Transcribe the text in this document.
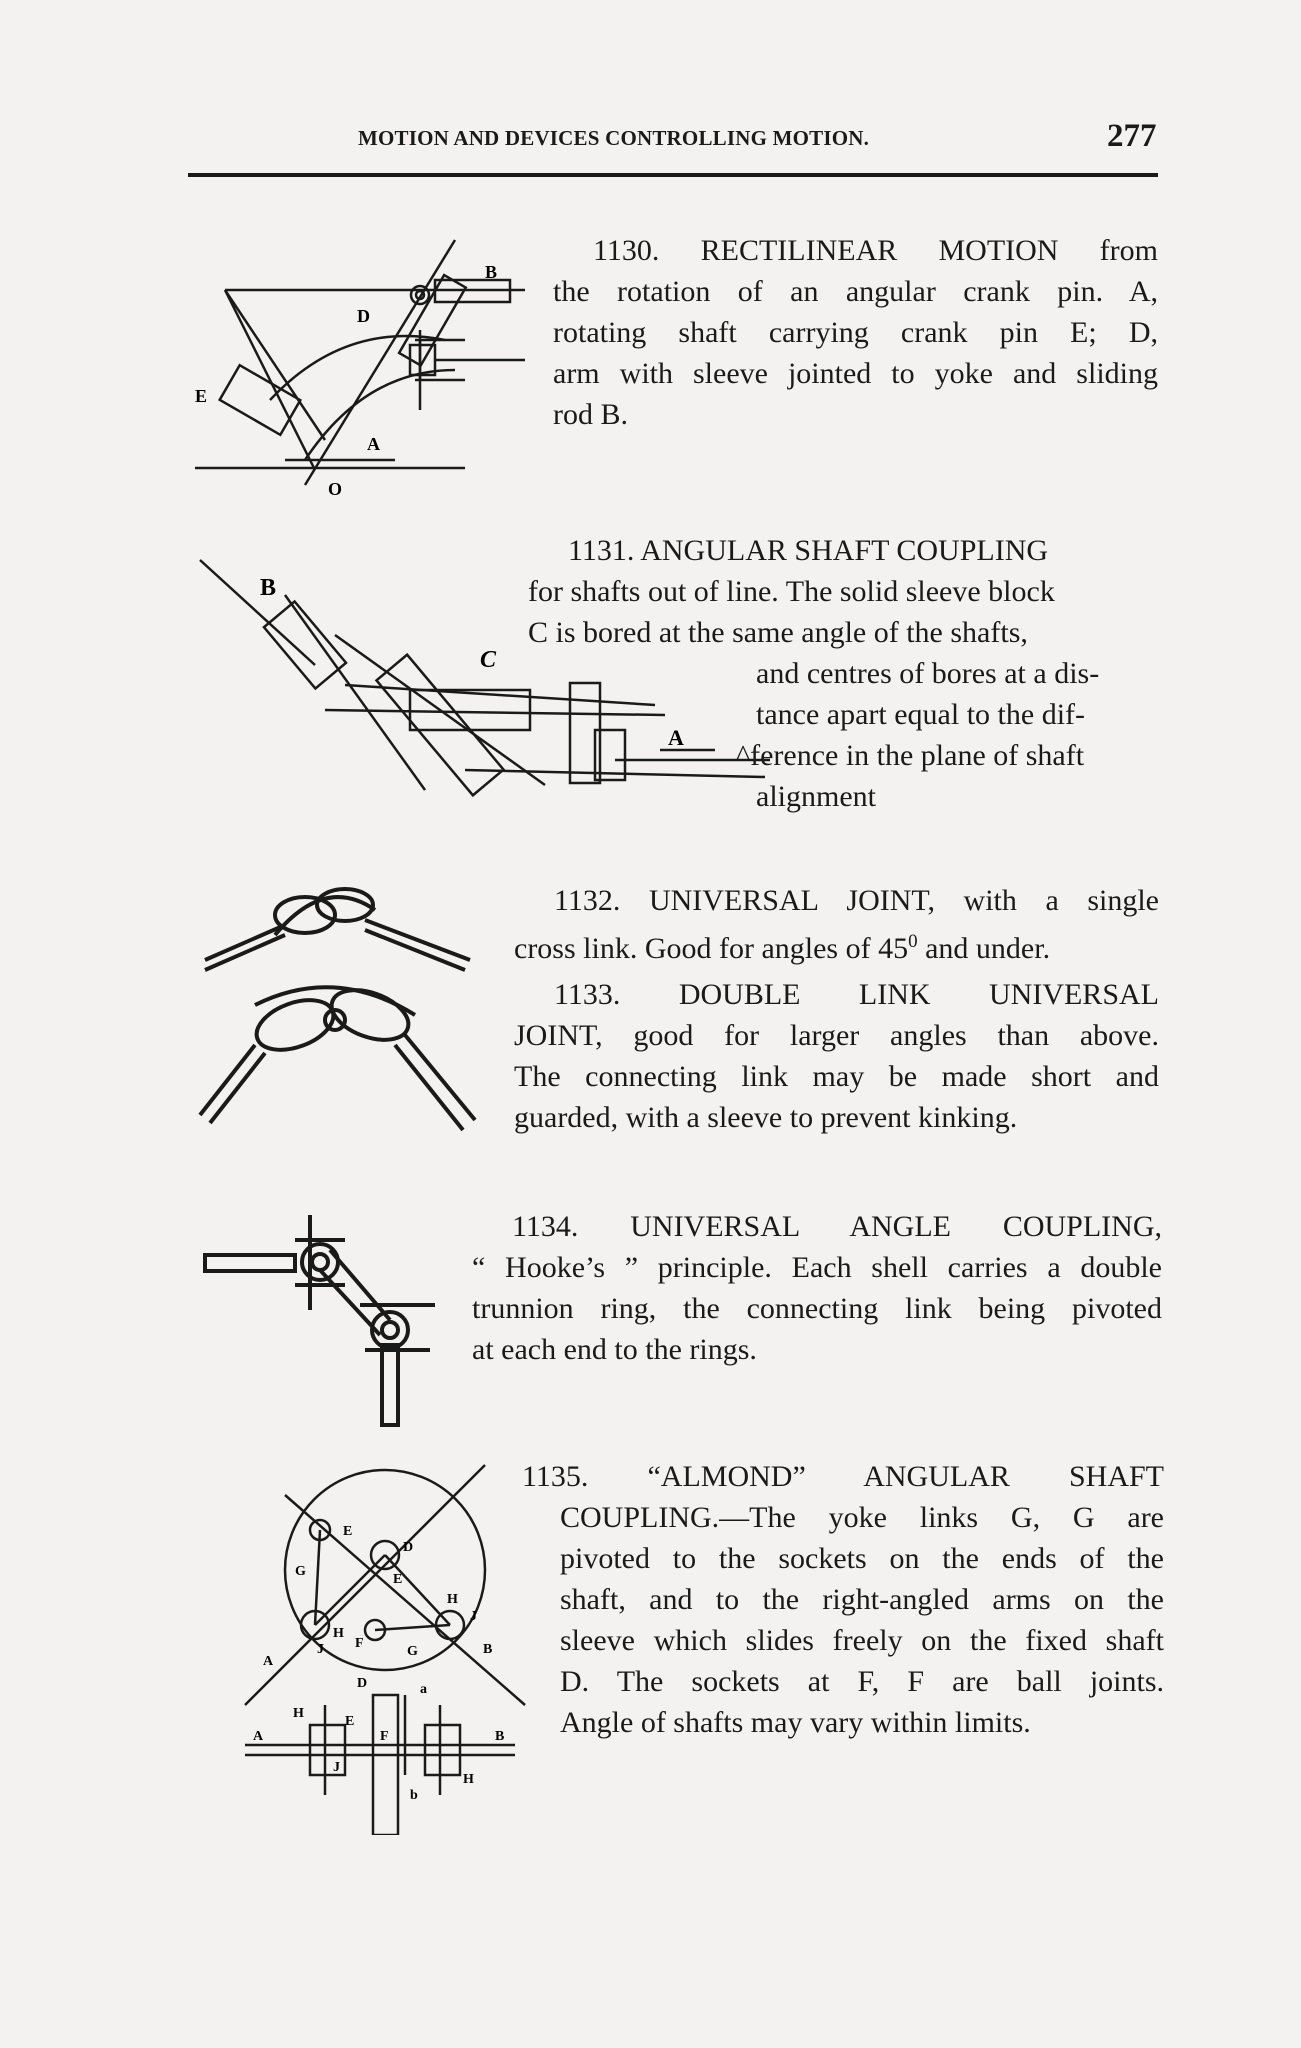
MOTION AND DEVICES CONTROLLING MOTION.	277
1130. RECTILINEAR MOTION from
the rotation of an angular crank pin. A,
rotating shaft carrying crank pin E; D,
arm with sleeve jointed to yoke and sliding
rod B.
B
D
E
A
O
1131. ANGULAR SHAFT COUPLING
for shafts out of line. The solid sleeve block
C is bored at the same angle of the shafts,
and centres of bores at a dis-
tance apart equal to the dif-
^ference in the plane of shaft
alignment
B
C
A
1132. UNIVERSAL JOINT, with a single
cross link. Good for angles of $45^0$ and under.
1133. DOUBLE LINK UNIVERSAL
JOINT, good for larger angles than above.
The connecting link may be made short and
guarded, with a sleeve to prevent kinking.
1134. UNIVERSAL ANGLE COUPLING,
“ Hooke’s ” principle. Each shell carries a double
trunnion ring, the connecting link being pivoted
at each end to the rings.
1135. “ALMOND” ANGULAR SHAFT
COUPLING.—The yoke links G, G are
pivoted to the sockets on the ends of the
shaft, and to the right-angled arms on the
sleeve which slides freely on the fixed shaft
D. The sockets at F, F are ball joints.
Angle of shafts may vary within limits.
E
D
G
E
H
H
J
F
G
J
A
B
D	a
H
E
F
A	B
J
b
H
